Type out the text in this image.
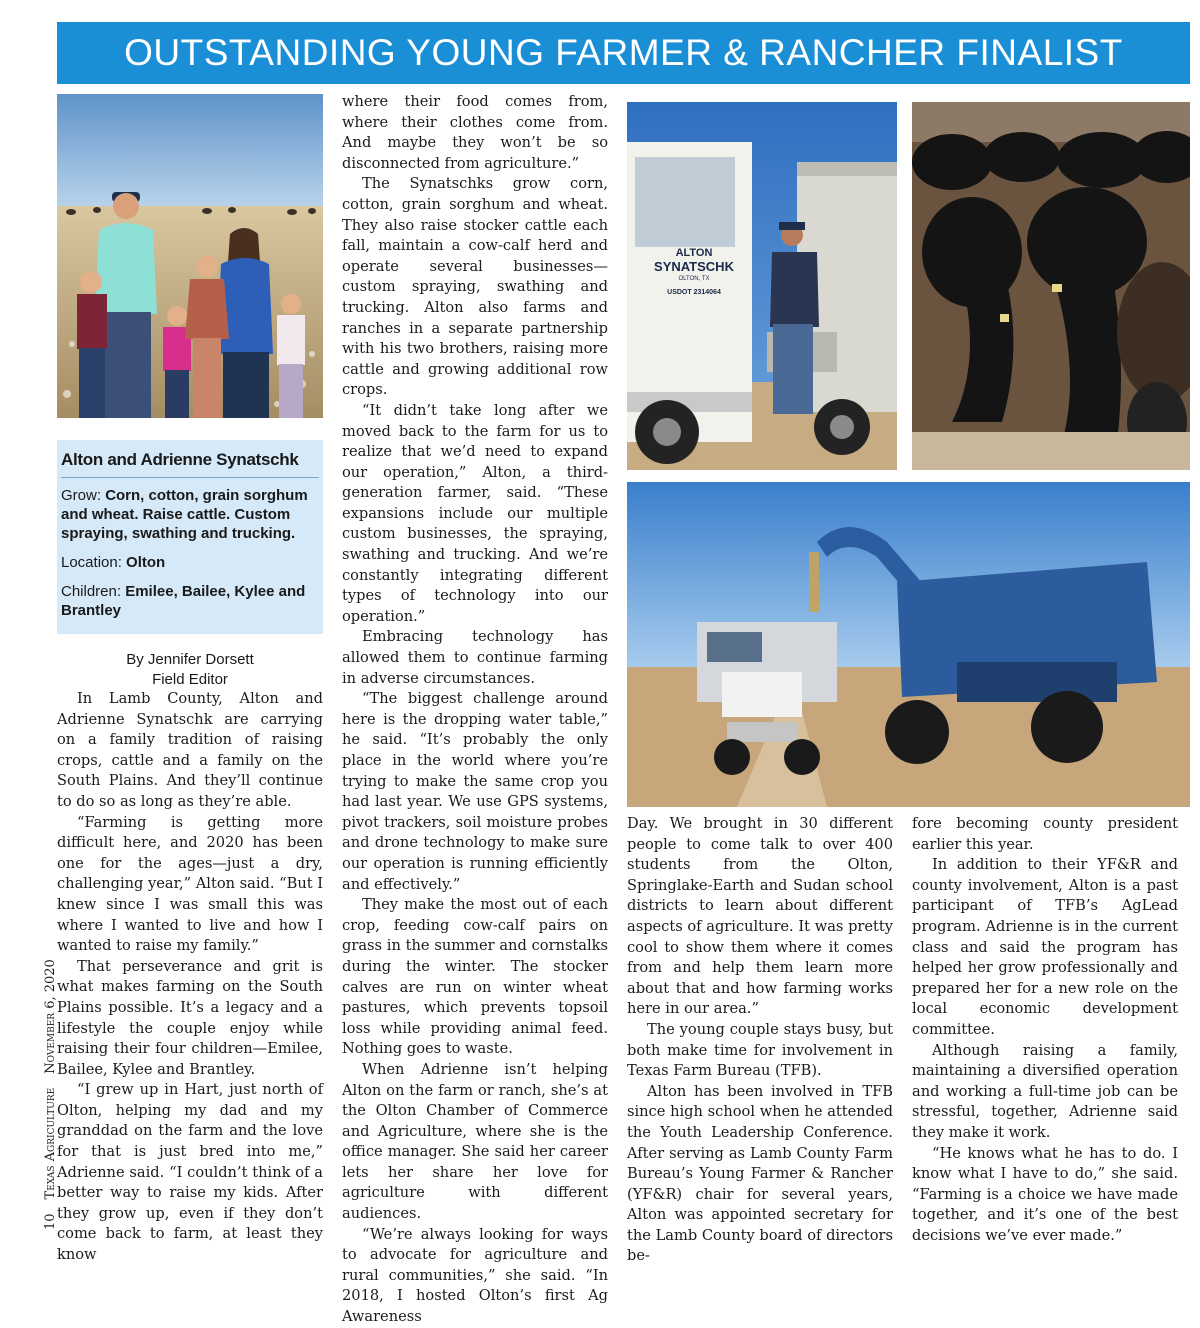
OUTSTANDING YOUNG FARMER & RANCHER FINALIST
Alton and Adrienne Synatschk

Grow: Corn, cotton, grain sorghum and wheat. Raise cattle. Custom spraying, swathing and trucking.

Location: Olton

Children: Emilee, Bailee, Kylee and Brantley

By Jennifer Dorsett
Field Editor
ALTON
SYNATSCHK
OLTON, TX
USDOT 2314064
10Texas AgricultureNovember 6, 2020

In Lamb County, Alton and Adrienne Synatschk are carrying on a family tradition of raising crops, cattle and a family on the South Plains. And they’ll continue to do so as long as they’re able.

“Farming is getting more difficult here, and 2020 has been one for the ages—just a dry, challenging year,” Alton said. “But I knew since I was small this was where I wanted to live and how I wanted to raise my family.”

That perseverance and grit is what makes farming on the South Plains possible. It’s a legacy and a lifestyle the couple enjoy while raising their four children—Emilee, Bailee, Kylee and Brantley.

“I grew up in Hart, just north of Olton, helping my dad and my granddad on the farm and the love for that is just bred into me,” Adrienne said. “I couldn’t think of a better way to raise my kids. After they grow up, even if they don’t come back to farm, at least they know

where their food comes from, where their clothes come from. And maybe they won’t be so disconnected from agriculture.”

The Synatschks grow corn, cotton, grain sorghum and wheat. They also raise stocker cattle each fall, maintain a cow-calf herd and operate several businesses—custom spraying, swathing and trucking. Alton also farms and ranches in a separate partnership with his two brothers, raising more cattle and growing additional row crops.

“It didn’t take long after we moved back to the farm for us to realize that we’d need to expand our operation,” Alton, a third-generation farmer, said. “These expansions include our multiple custom businesses, the spraying, swathing and trucking. And we’re constantly integrating different types of technology into our operation.”

Embracing technology has allowed them to continue farming in adverse circumstances.

“The biggest challenge around here is the dropping water table,” he said. “It’s probably the only place in the world where you’re trying to make the same crop you had last year. We use GPS systems, pivot trackers, soil moisture probes and drone technology to make sure our operation is running efficiently and effectively.”

They make the most out of each crop, feeding cow-calf pairs on grass in the summer and cornstalks during the winter. The stocker calves are run on winter wheat pastures, which prevents topsoil loss while providing animal feed. Nothing goes to waste.

When Adrienne isn’t helping Alton on the farm or ranch, she’s at the Olton Chamber of Commerce and Agriculture, where she is the office manager. She said her career lets her share her love for agriculture with different audiences.

“We’re always looking for ways to advocate for agriculture and rural communities,” she said. “In 2018, I hosted Olton’s first Ag Awareness

Day. We brought in 30 different people to come talk to over 400 students from the Olton, Springlake-Earth and Sudan school districts to learn about different aspects of agriculture. It was pretty cool to show them where it comes from and help them learn more about that and how farming works here in our area.”

The young couple stays busy, but both make time for involvement in Texas Farm Bureau (TFB).

Alton has been involved in TFB since high school when he attended the Youth Leadership Conference. After serving as Lamb County Farm Bureau’s Young Farmer & Rancher (YF&R) chair for several years, Alton was appointed secretary for the Lamb County board of directors be-

fore becoming county president earlier this year.

In addition to their YF&R and county involvement, Alton is a past participant of TFB’s AgLead program. Adrienne is in the current class and said the program has helped her grow professionally and prepared her for a new role on the local economic development committee.

Although raising a family, maintaining a diversified operation and working a full-time job can be stressful, together, Adrienne said they make it work.

“He knows what he has to do. I know what I have to do,” she said. “Farming is a choice we have made together, and it’s one of the best decisions we’ve ever made.”
